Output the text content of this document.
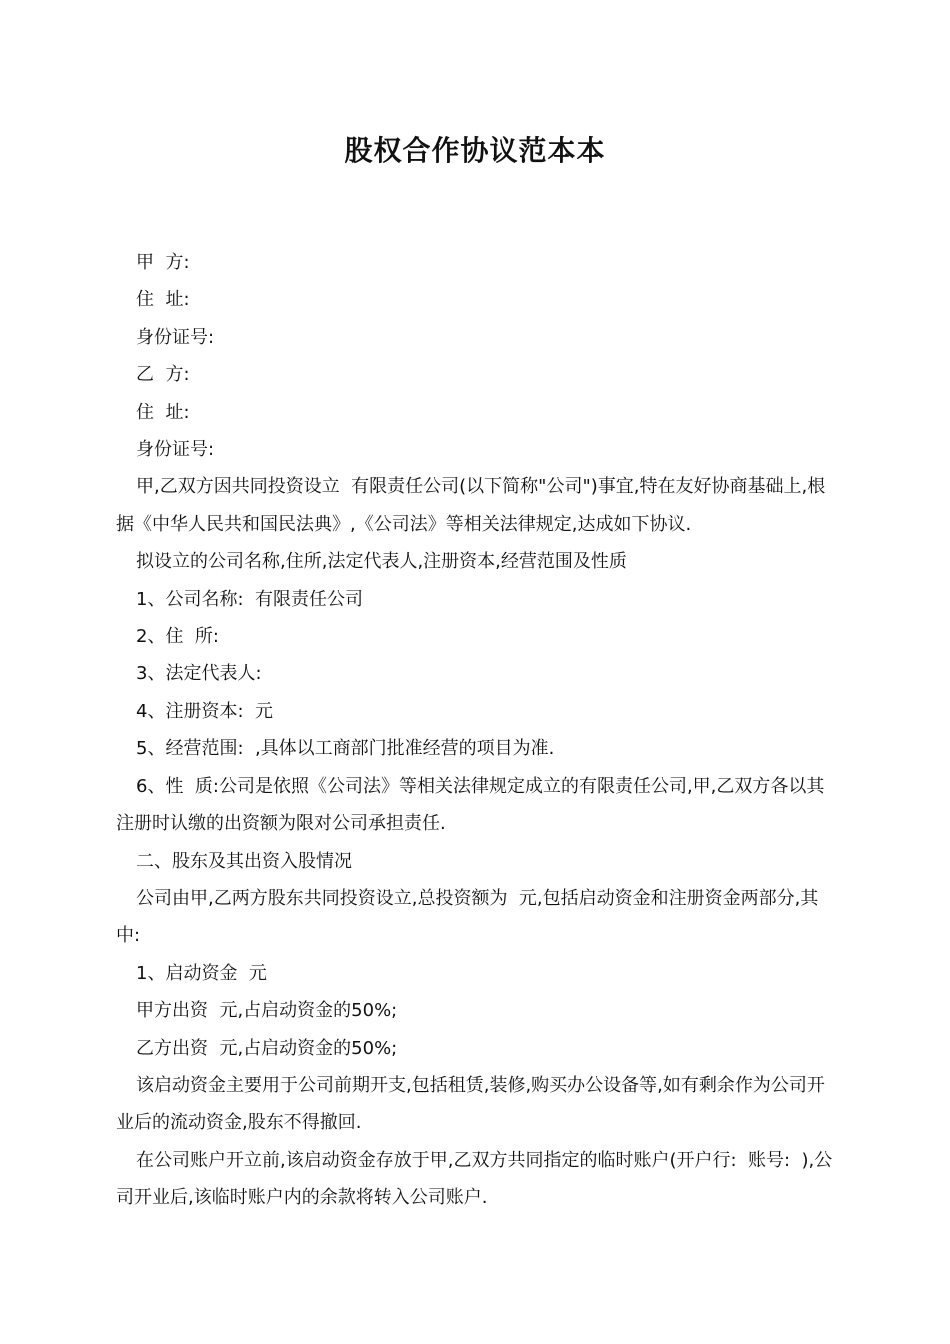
股权合作协议范本本

甲  方:

住  址:

身份证号:

乙  方:

住  址:

身份证号:

甲,乙双方因共同投资设立  有限责任公司(以下简称"公司")事宜,特在友好协商基础上,根据《中华人民共和国民法典》,《公司法》等相关法律规定,达成如下协议.

拟设立的公司名称,住所,法定代表人,注册资本,经营范围及性质

1、公司名称:  有限责任公司

2、住  所:

3、法定代表人:

4、注册资本:  元

5、经营范围:  ,具体以工商部门批准经营的项目为准.

6、性  质:公司是依照《公司法》等相关法律规定成立的有限责任公司,甲,乙双方各以其注册时认缴的出资额为限对公司承担责任.

二、股东及其出资入股情况

公司由甲,乙两方股东共同投资设立,总投资额为  元,包括启动资金和注册资金两部分,其中:

1、启动资金  元

甲方出资  元,占启动资金的50%;

乙方出资  元,占启动资金的50%;

该启动资金主要用于公司前期开支,包括租赁,装修,购买办公设备等,如有剩余作为公司开业后的流动资金,股东不得撤回.

在公司账户开立前,该启动资金存放于甲,乙双方共同指定的临时账户(开户行:  账号:  ),公司开业后,该临时账户内的余款将转入公司账户.
